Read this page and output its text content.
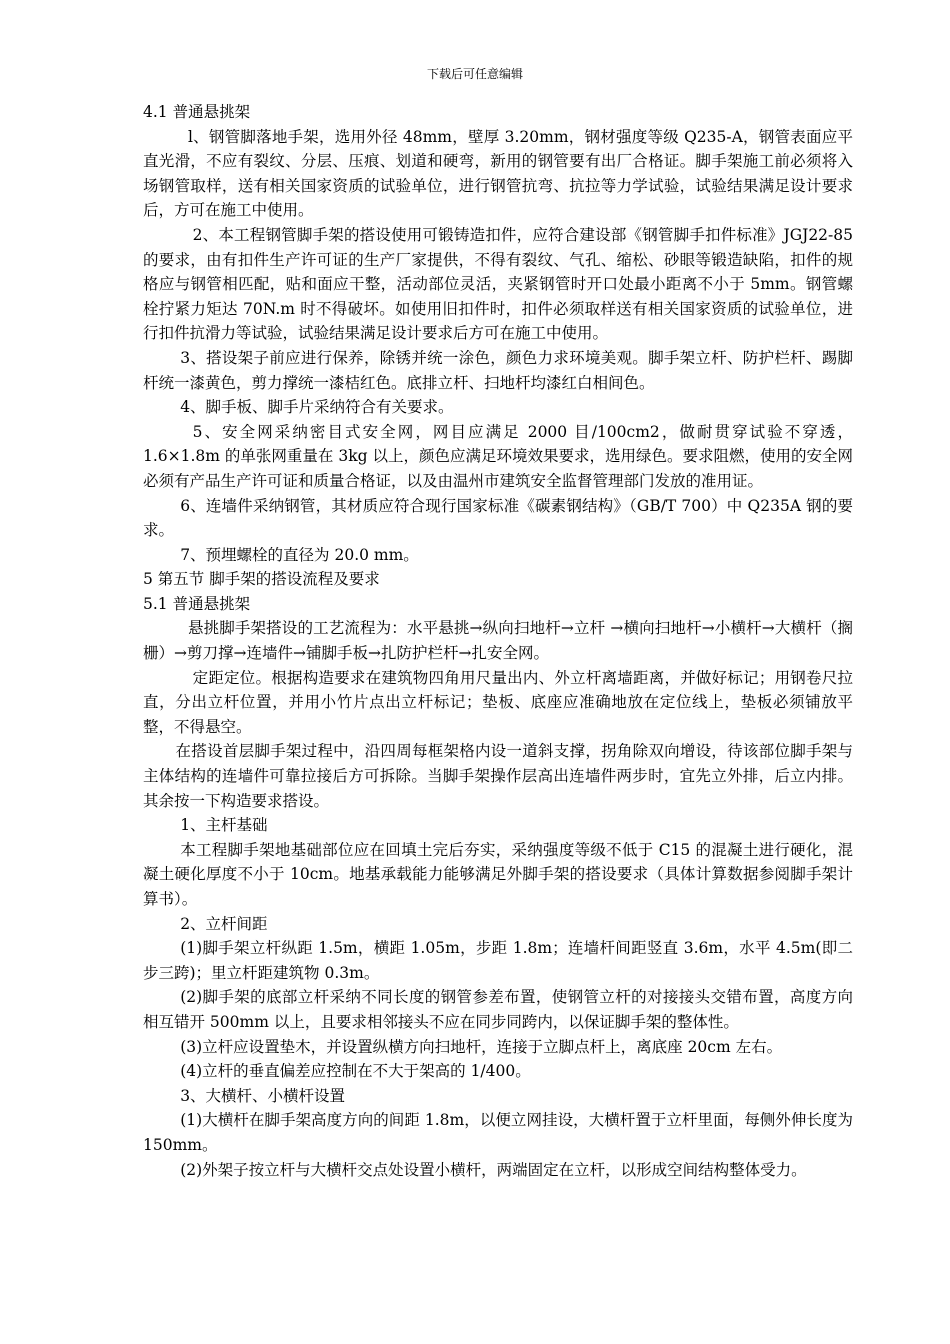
下载后可任意编辑

4.1 普通悬挑架

l、钢管脚落地手架，选用外径 48mm，壁厚 3.20mm，钢材强度等级 Q235-A，钢管表面应平直光滑，不应有裂纹、分层、压痕、划道和硬弯，新用的钢管要有出厂合格证。脚手架施工前必须将入场钢管取样，送有相关国家资质的试验单位，进行钢管抗弯、抗拉等力学试验，试验结果满足设计要求后，方可在施工中使用。

2、本工程钢管脚手架的搭设使用可锻铸造扣件，应符合建设部《钢管脚手扣件标准》JGJ22-85 的要求，由有扣件生产许可证的生产厂家提供，不得有裂纹、气孔、缩松、砂眼等锻造缺陷，扣件的规格应与钢管相匹配，贴和面应干整，活动部位灵活，夹紧钢管时开口处最小距离不小于 5mm。钢管螺栓拧紧力矩达 70N.m 时不得破坏。如使用旧扣件时，扣件必须取样送有相关国家资质的试验单位，进行扣件抗滑力等试验，试验结果满足设计要求后方可在施工中使用。

3、搭设架子前应进行保养，除锈并统一涂色，颜色力求环境美观。脚手架立杆、防护栏杆、踢脚杆统一漆黄色，剪力撑统一漆桔红色。底排立杆、扫地杆均漆红白相间色。

4、脚手板、脚手片采纳符合有关要求。

5、安全网采纳密目式安全网，网目应满足 2000 目/100cm2，做耐贯穿试验不穿透，1.6×1.8m 的单张网重量在 3kg 以上，颜色应满足环境效果要求，选用绿色。要求阻燃，使用的安全网必须有产品生产许可证和质量合格证，以及由温州市建筑安全监督管理部门发放的准用证。

6、连墙件采纳钢管，其材质应符合现行国家标准《碳素钢结构》（GB/T 700）中 Q235A 钢的要求。

7、预埋螺栓的直径为 20.0 mm。

5 第五节 脚手架的搭设流程及要求

5.1 普通悬挑架

悬挑脚手架搭设的工艺流程为：水平悬挑→纵向扫地杆→立杆 →横向扫地杆→小横杆→大横杆（搁栅）→剪刀撑→连墙件→铺脚手板→扎防护栏杆→扎安全网。

定距定位。根据构造要求在建筑物四角用尺量出内、外立杆离墙距离，并做好标记；用钢卷尺拉直，分出立杆位置，并用小竹片点出立杆标记；垫板、底座应准确地放在定位线上，垫板必须铺放平整，不得悬空。

在搭设首层脚手架过程中，沿四周每框架格内设一道斜支撑，拐角除双向增设，待该部位脚手架与主体结构的连墙件可靠拉接后方可拆除。当脚手架操作层高出连墙件两步时，宜先立外排，后立内排。其余按一下构造要求搭设。

1、主杆基础

本工程脚手架地基础部位应在回填土完后夯实，采纳强度等级不低于 C15 的混凝土进行硬化，混凝土硬化厚度不小于 10cm。地基承载能力能够满足外脚手架的搭设要求（具体计算数据参阅脚手架计算书）。

2、立杆间距

(1)脚手架立杆纵距 1.5m，横距 1.05m，步距 1.8m；连墙杆间距竖直 3.6m，水平 4.5m(即二步三跨)；里立杆距建筑物 0.3m。

(2)脚手架的底部立杆采纳不同长度的钢管参差布置，使钢管立杆的对接接头交错布置，高度方向相互错开 500mm 以上，且要求相邻接头不应在同步同跨内，以保证脚手架的整体性。

(3)立杆应设置垫木，并设置纵横方向扫地杆，连接于立脚点杆上，离底座 20cm 左右。

(4)立杆的垂直偏差应控制在不大于架高的 1/400。

3、大横杆、小横杆设置

(1)大横杆在脚手架高度方向的间距 1.8m，以便立网挂设，大横杆置于立杆里面，每侧外伸长度为 150mm。

(2)外架子按立杆与大横杆交点处设置小横杆，两端固定在立杆，以形成空间结构整体受力。
